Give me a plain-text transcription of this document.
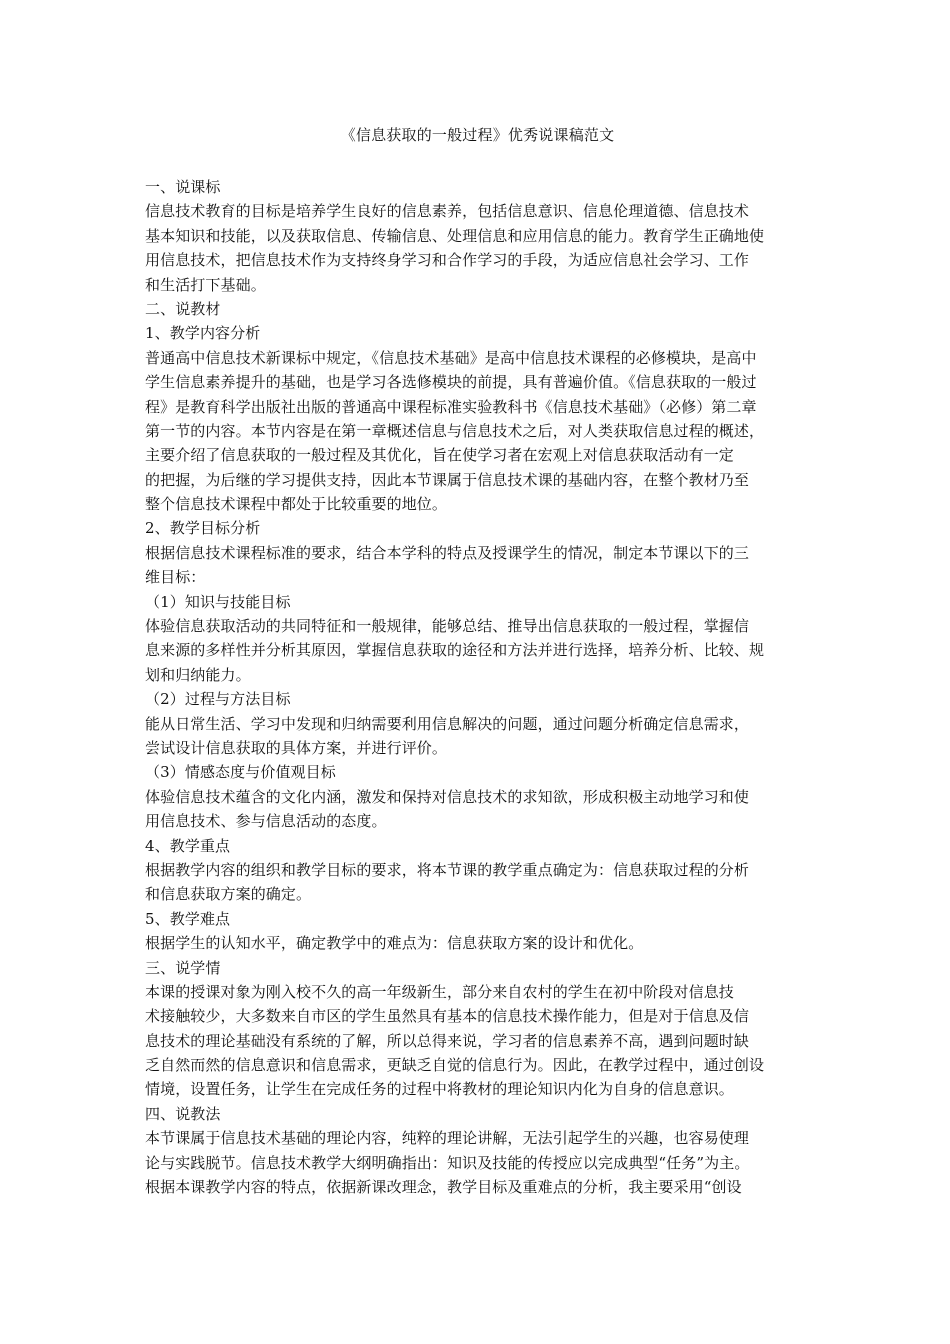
《信息获取的一般过程》优秀说课稿范文
一、说课标
信息技术教育的目标是培养学生良好的信息素养，包括信息意识、信息伦理道德、信息技术
基本知识和技能，以及获取信息、传输信息、处理信息和应用信息的能力。教育学生正确地使
用信息技术，把信息技术作为支持终身学习和合作学习的手段，为适应信息社会学习、工作
和生活打下基础。
二、说教材
1、教学内容分析
普通高中信息技术新课标中规定，《信息技术基础》是高中信息技术课程的必修模块，是高中
学生信息素养提升的基础，也是学习各选修模块的前提，具有普遍价值。《信息获取的一般过
程》是教育科学出版社出版的普通高中课程标准实验教科书《信息技术基础》（必修）第二章
第一节的内容。本节内容是在第一章概述信息与信息技术之后，对人类获取信息过程的概述，
主要介绍了信息获取的一般过程及其优化，旨在使学习者在宏观上对信息获取活动有一定
的把握，为后继的学习提供支持，因此本节课属于信息技术课的基础内容，在整个教材乃至
整个信息技术课程中都处于比较重要的地位。
2、教学目标分析
根据信息技术课程标准的要求，结合本学科的特点及授课学生的情况，制定本节课以下的三
维目标：
（1）知识与技能目标
体验信息获取活动的共同特征和一般规律，能够总结、推导出信息获取的一般过程，掌握信
息来源的多样性并分析其原因，掌握信息获取的途径和方法并进行选择，培养分析、比较、规
划和归纳能力。
（2）过程与方法目标
能从日常生活、学习中发现和归纳需要利用信息解决的问题，通过问题分析确定信息需求，
尝试设计信息获取的具体方案，并进行评价。
（3）情感态度与价值观目标
体验信息技术蕴含的文化内涵，激发和保持对信息技术的求知欲，形成积极主动地学习和使
用信息技术、参与信息活动的态度。
4、教学重点
根据教学内容的组织和教学目标的要求，将本节课的教学重点确定为：信息获取过程的分析
和信息获取方案的确定。
5、教学难点
根据学生的认知水平，确定教学中的难点为：信息获取方案的设计和优化。
三、说学情
本课的授课对象为刚入校不久的高一年级新生，部分来自农村的学生在初中阶段对信息技
术接触较少，大多数来自市区的学生虽然具有基本的信息技术操作能力，但是对于信息及信
息技术的理论基础没有系统的了解，所以总得来说，学习者的信息素养不高，遇到问题时缺
乏自然而然的信息意识和信息需求，更缺乏自觉的信息行为。因此，在教学过程中，通过创设
情境，设置任务，让学生在完成任务的过程中将教材的理论知识内化为自身的信息意识。
四、说教法
本节课属于信息技术基础的理论内容，纯粹的理论讲解，无法引起学生的兴趣，也容易使理
论与实践脱节。信息技术教学大纲明确指出：知识及技能的传授应以完成典型“任务”为主。
根据本课教学内容的特点，依据新课改理念，教学目标及重难点的分析，我主要采用“创设
